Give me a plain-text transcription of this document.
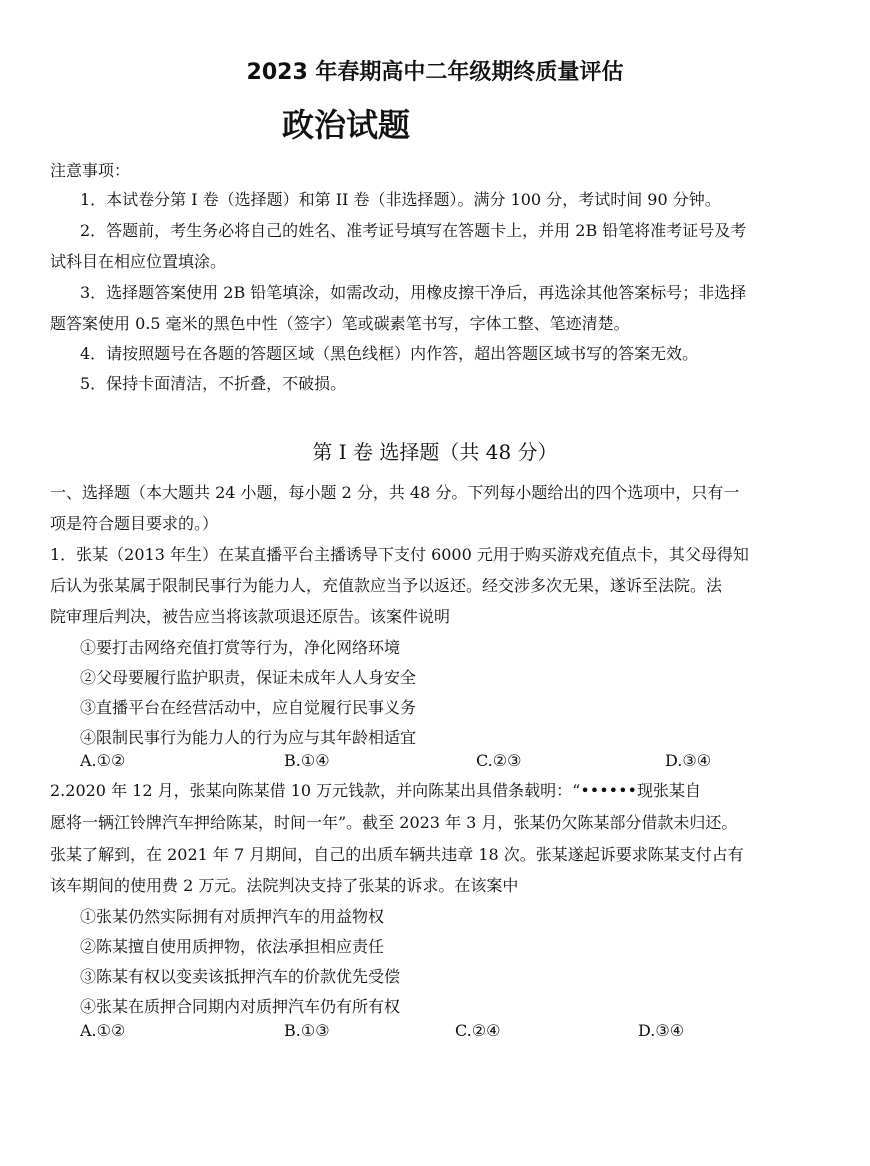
2023 年春期高中二年级期终质量评估
政治试题
注意事项：
1．本试卷分第 I 卷（选择题）和第 II 卷（非选择题）。满分 100 分，考试时间 90 分钟。
2．答题前，考生务必将自己的姓名、准考证号填写在答题卡上，并用 2B 铅笔将准考证号及考
试科目在相应位置填涂。
3．选择题答案使用 2B 铅笔填涂，如需改动，用橡皮擦干净后，再选涂其他答案标号；非选择
题答案使用 0.5 毫米的黑色中性（签字）笔或碳素笔书写，字体工整、笔迹清楚。
4．请按照题号在各题的答题区域（黑色线框）内作答，超出答题区域书写的答案无效。
5．保持卡面清洁，不折叠，不破损。
第 I 卷 选择题（共 48 分）
一、选择题（本大题共 24 小题，每小题 2 分，共 48 分。下列每小题给出的四个选项中，只有一
项是符合题目要求的。）
1．张某（2013 年生）在某直播平台主播诱导下支付 6000 元用于购买游戏充值点卡，其父母得知
后认为张某属于限制民事行为能力人，充值款应当予以返还。经交涉多次无果，遂诉至法院。法
院审理后判决，被告应当将该款项退还原告。该案件说明
①要打击网络充值打赏等行为，净化网络环境
②父母要履行监护职责，保证未成年人人身安全
③直播平台在经营活动中，应自觉履行民事义务
④限制民事行为能力人的行为应与其年龄相适宜
A.①②	B.①④	C.②③	D.③④
2.2020 年 12 月，张某向陈某借 10 万元钱款，并向陈某出具借条载明：“••••••现张某自
愿将一辆江铃牌汽车押给陈某，时间一年”。截至 2023 年 3 月，张某仍欠陈某部分借款未归还。
张某了解到，在 2021 年 7 月期间，自己的出质车辆共违章 18 次。张某遂起诉要求陈某支付占有
该车期间的使用费 2 万元。法院判决支持了张某的诉求。在该案中
①张某仍然实际拥有对质押汽车的用益物权
②陈某擅自使用质押物，依法承担相应责任
③陈某有权以变卖该抵押汽车的价款优先受偿
④张某在质押合同期内对质押汽车仍有所有权
A.①②	B.①③	C.②④	D.③④
